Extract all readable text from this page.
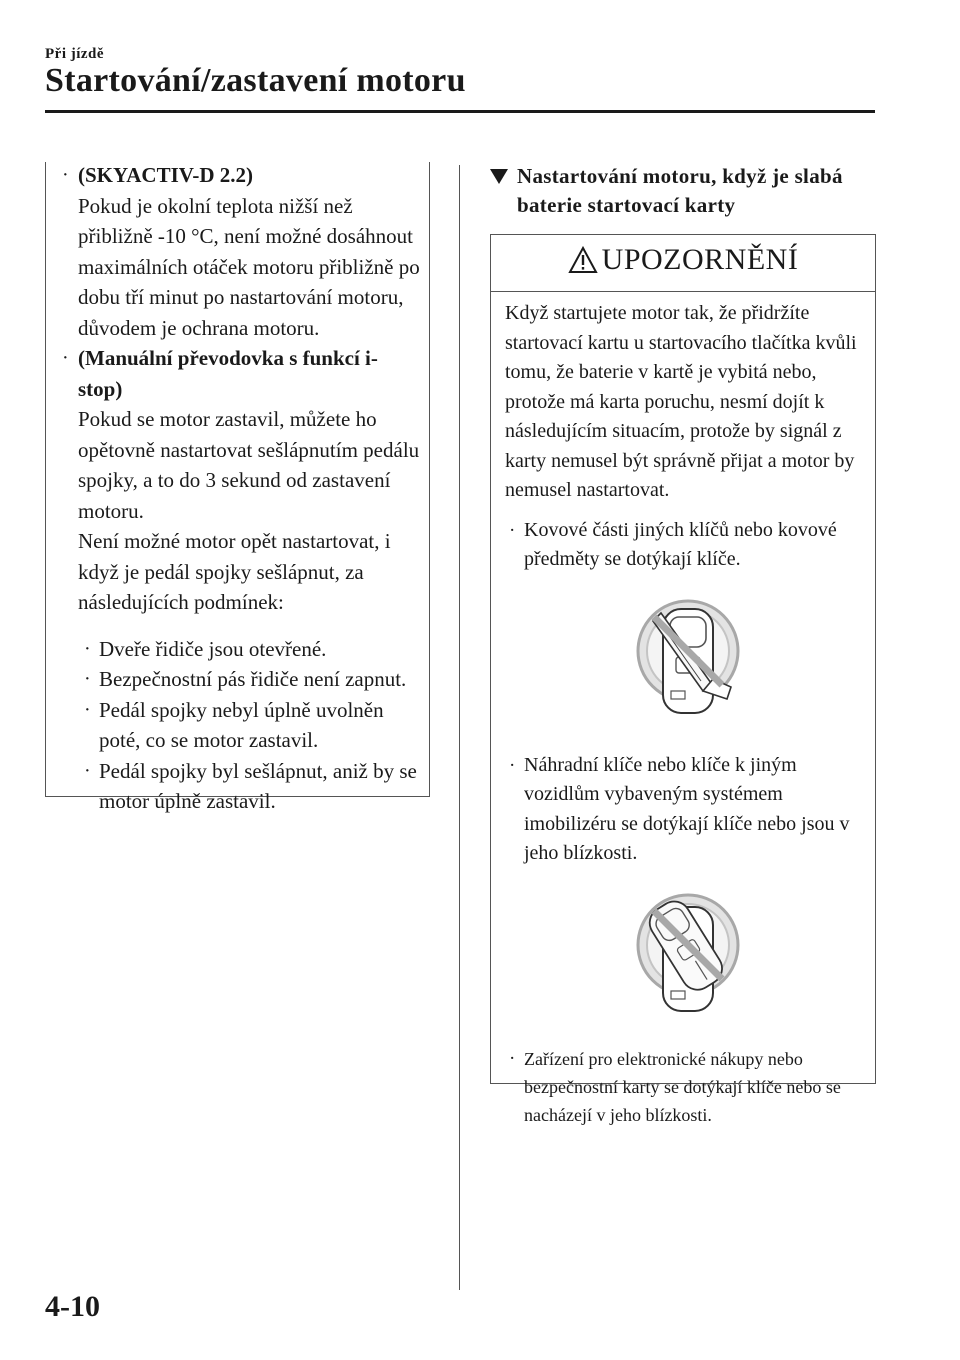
Při jízdě
Startování/zastavení motoru
· (SKYACTIV-D 2.2)
Pokud je okolní teplota nižší než přibližně -10 °C, není možné dosáhnout maximálních otáček motoru přibližně po dobu tří minut po nastartování motoru, důvodem je ochrana motoru.
· (Manuální převodovka s funkcí i-stop)
Pokud se motor zastavil, můžete ho opětovně nastartovat sešlápnutím pedálu spojky, a to do 3 sekund od zastavení motoru.
Není možné motor opět nastartovat, i když je pedál spojky sešlápnut, za následujících podmínek:
· Dveře řidiče jsou otevřené.
· Bezpečnostní pás řidiče není zapnut.
· Pedál spojky nebyl úplně uvolněn poté, co se motor zastavil.
· Pedál spojky byl sešlápnut, aniž by se motor úplně zastavil.
Nastartování motoru, když je slabá baterie startovací karty
UPOZORNĚNÍ
Když startujete motor tak, že přidržíte startovací kartu u startovacího tlačítka kvůli tomu, že baterie v kartě je vybitá nebo, protože má karta poruchu, nesmí dojít k následujícím situacím, protože by signál z karty nemusel být správně přijat a motor by nemusel nastartovat.
· Kovové části jiných klíčů nebo kovové předměty se dotýkají klíče.
· Náhradní klíče nebo klíče k jiným vozidlům vybaveným systémem imobilizéru se dotýkají klíče nebo jsou v jeho blízkosti.
· Zařízení pro elektronické nákupy nebo bezpečnostní karty se dotýkají klíče nebo se nacházejí v jeho blízkosti.
4-10
